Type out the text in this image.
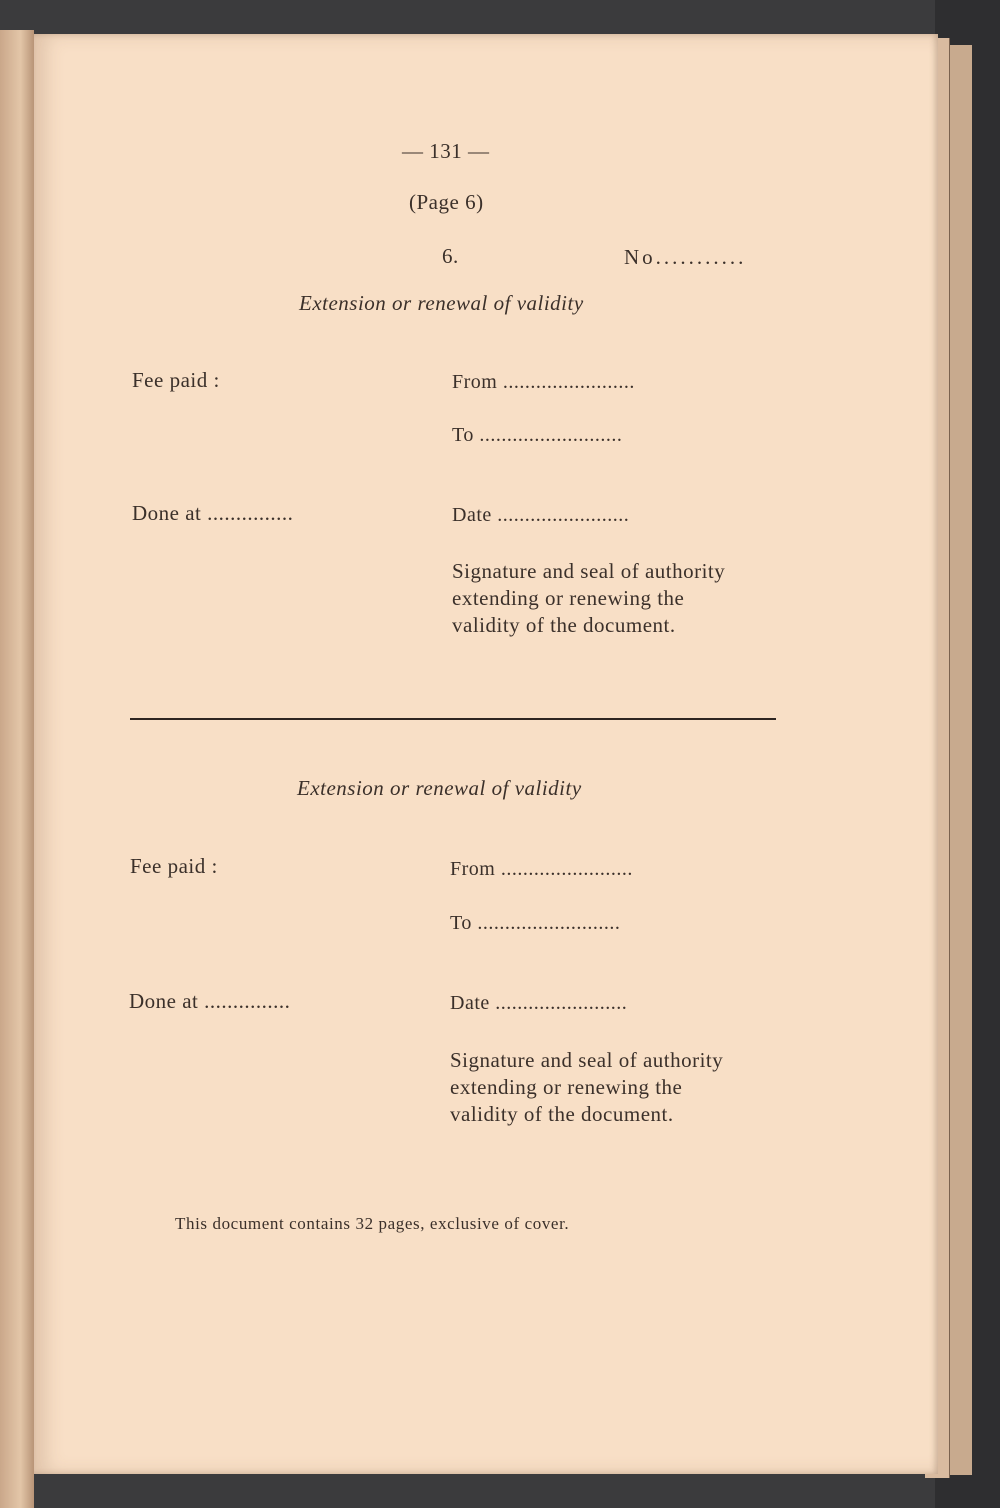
— 131 —
(Page 6)
6.	No...........
Extension or renewal of validity
Fee paid :	From ........................
To ..........................
Done at ...............	Date ........................
Signature and seal of authority
extending or renewing the
validity of the document.
Extension or renewal of validity
Fee paid :	From ........................
To ..........................
Done at ...............	Date ........................
Signature and seal of authority
extending or renewing the
validity of the document.
This document contains 32 pages, exclusive of cover.
